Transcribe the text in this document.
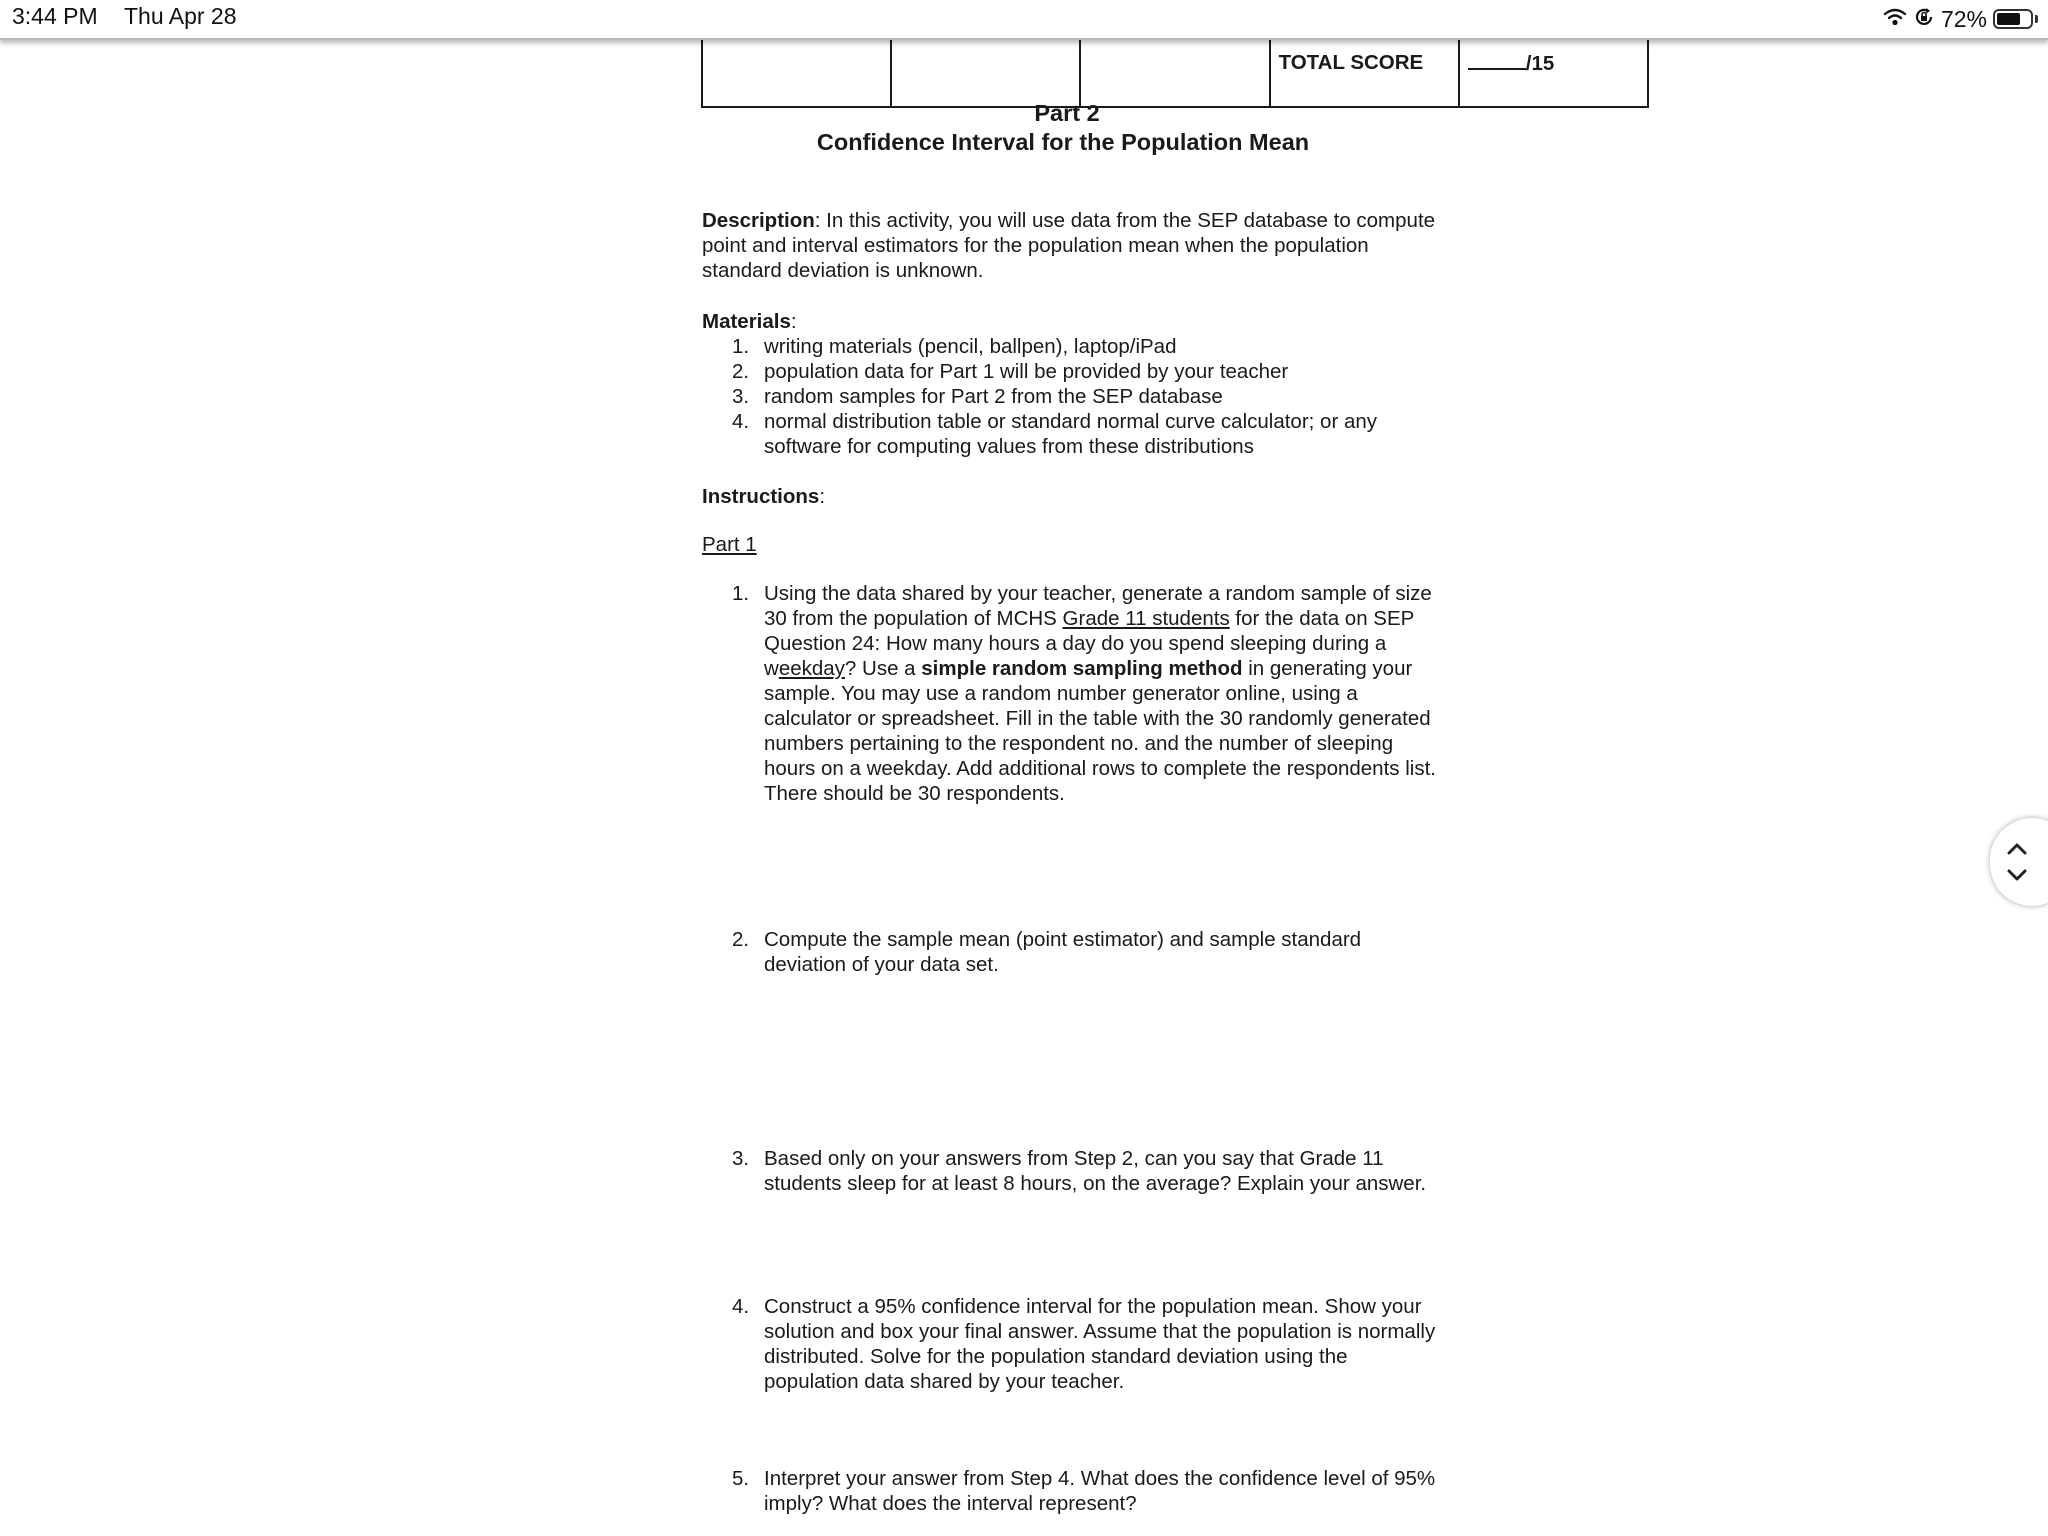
			TOTAL SCORE	/15
Part 2
Confidence Interval for the Population Mean

Description: In this activity, you will use data from the SEP database to compute point and interval estimators for the population mean when the population standard deviation is unknown.

Materials:

1. writing materials (pencil, ballpen), laptop/iPad
2. population data for Part 1 will be provided by your teacher
3. random samples for Part 2 from the SEP database
4. normal distribution table or standard normal curve calculator; or any software for computing values from these distributions

Instructions:

Part 1

1. Using the data shared by your teacher, generate a random sample of size 30 from the population of MCHS Grade 11 students for the data on SEP Question 24: How many hours a day do you spend sleeping during a weekday? Use a simple random sampling method in generating your sample. You may use a random number generator online, using a calculator or spreadsheet. Fill in the table with the 30 randomly generated numbers pertaining to the respondent no. and the number of sleeping hours on a weekday. Add additional rows to complete the respondents list. There should be 30 respondents.
2. Compute the sample mean (point estimator) and sample standard deviation of your data set.
3. Based only on your answers from Step 2, can you say that Grade 11 students sleep for at least 8 hours, on the average? Explain your answer.
4. Construct a 95% confidence interval for the population mean. Show your solution and box your final answer. Assume that the population is normally distributed. Solve for the population standard deviation using the population data shared by your teacher.
5. Interpret your answer from Step 4. What does the confidence level of 95% imply? What does the interval represent?
3:44 PM Thu Apr 28	72%
